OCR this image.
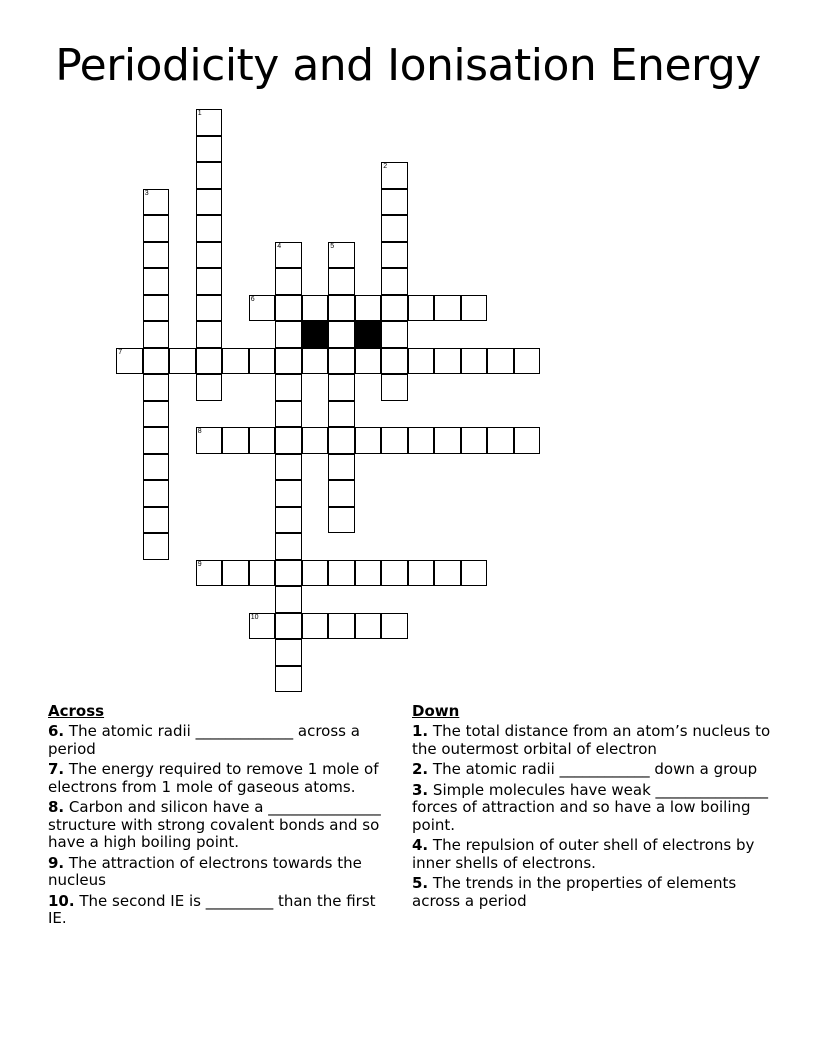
Periodicity and Ionisation Energy
1
2
3
4	5
6
7
8
9
10
Across
6. The atomic radii _____________ across a period
7. The energy required to remove 1 mole of electrons from 1 mole of gaseous atoms.
8. Carbon and silicon have a _______________ structure with strong covalent bonds and so have a high boiling point.
9. The attraction of electrons towards the nucleus
10. The second IE is _________ than the first IE.
Down
1. The total distance from an atom’s nucleus to the outermost orbital of electron
2. The atomic radii ____________ down a group
3. Simple molecules have weak _______________ forces of attraction and so have a low boiling point.
4. The repulsion of outer shell of electrons by inner shells of electrons.
5. The trends in the properties of elements across a period
